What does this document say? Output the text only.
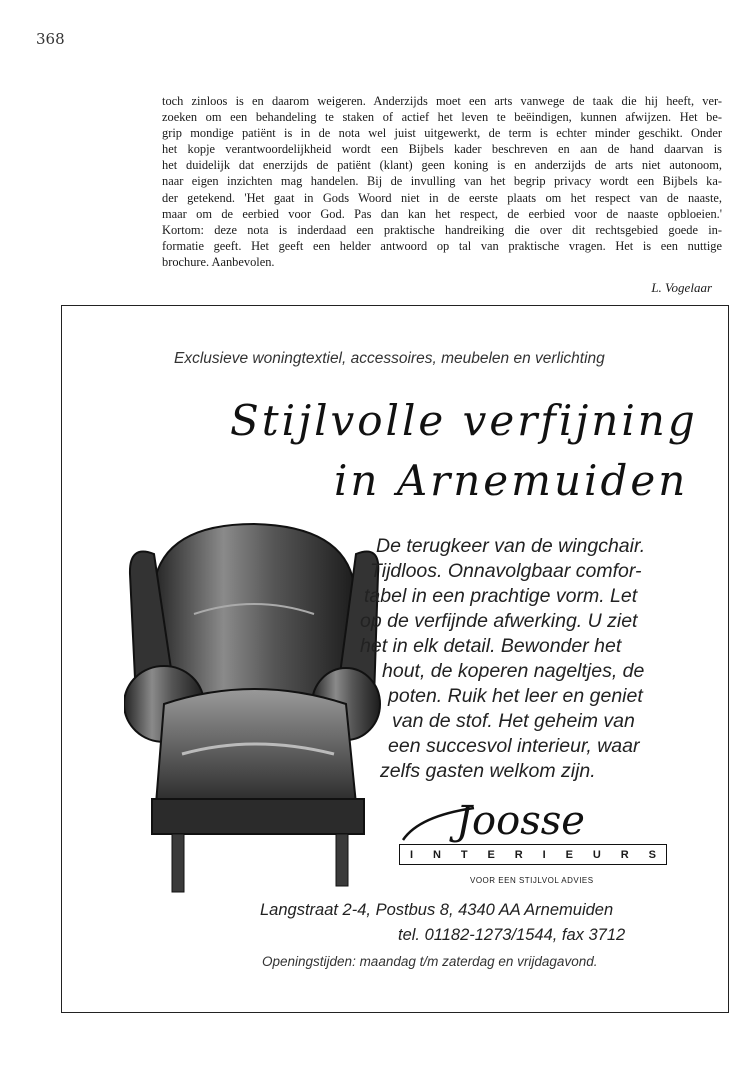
368
toch zinloos is en daarom weigeren. Anderzijds moet een arts vanwege de taak die hij heeft, ver-
zoeken om een behandeling te staken of actief het leven te beëindigen, kunnen afwijzen. Het be-
grip mondige patiënt is in de nota wel juist uitgewerkt, de term is echter minder geschikt. Onder
het kopje verantwoordelijkheid wordt een Bijbels kader beschreven en aan de hand daarvan is
het duidelijk dat enerzijds de patiënt (klant) geen koning is en anderzijds de arts niet autonoom,
naar eigen inzichten mag handelen. Bij de invulling van het begrip privacy wordt een Bijbels ka-
der getekend. 'Het gaat in Gods Woord niet in de eerste plaats om het respect van de naaste,
maar om de eerbied voor God. Pas dan kan het respect, de eerbied voor de naaste opbloeien.'
Kortom: deze nota is inderdaad een praktische handreiking die over dit rechtsgebied goede in-
formatie geeft. Het geeft een helder antwoord op tal van praktische vragen. Het is een nuttige
brochure. Aanbevolen.
L. Vogelaar
Exclusieve woningtextiel, accessoires, meubelen en verlichting
Stijlvolle verfijning
in Arnemuiden
De terugkeer van de wingchair.
Tijdloos. Onnavolgbaar comfor-
tabel in een prachtige vorm. Let
op de verfijnde afwerking. U ziet
het in elk detail. Bewonder het
hout, de koperen nageltjes, de
poten. Ruik het leer en geniet
van de stof. Het geheim van
een succesvol interieur, waar
zelfs gasten welkom zijn.
Joosse
I N T E R I E U R S
VOOR EEN STIJLVOL ADVIES
Langstraat 2-4, Postbus 8, 4340 AA Arnemuiden
tel. 01182-1273/1544, fax 3712
Openingstijden: maandag t/m zaterdag en vrijdagavond.
